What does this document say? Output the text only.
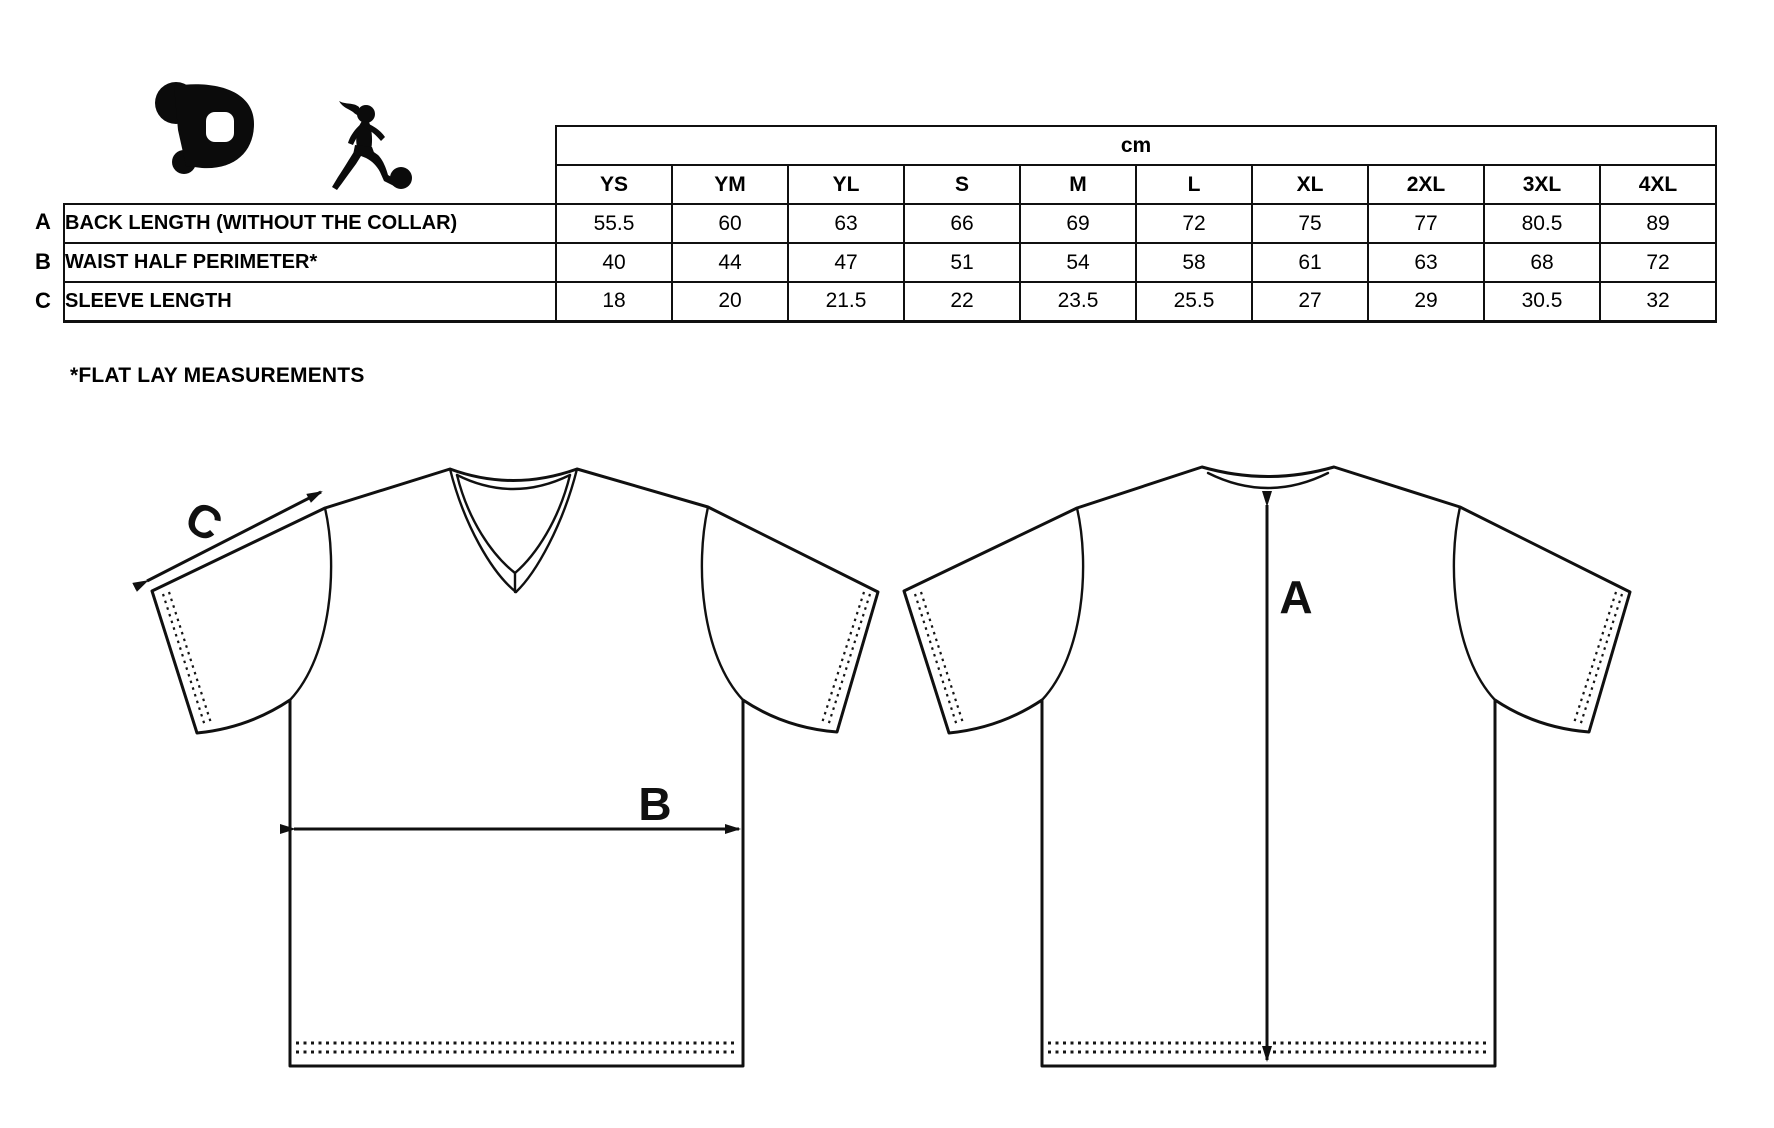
A
B
C
	cm									
	YS	YM	YL	S	M	L	XL	2XL	3XL	4XL
BACK LENGTH (WITHOUT THE COLLAR)	55.5	60	63	66	69	72	75	77	80.5	89
WAIST HALF PERIMETER*	40	44	47	51	54	58	61	63	68	72
SLEEVE LENGTH	18	20	21.5	22	23.5	25.5	27	29	30.5	32
*FLAT LAY MEASUREMENTS
C
B
A
